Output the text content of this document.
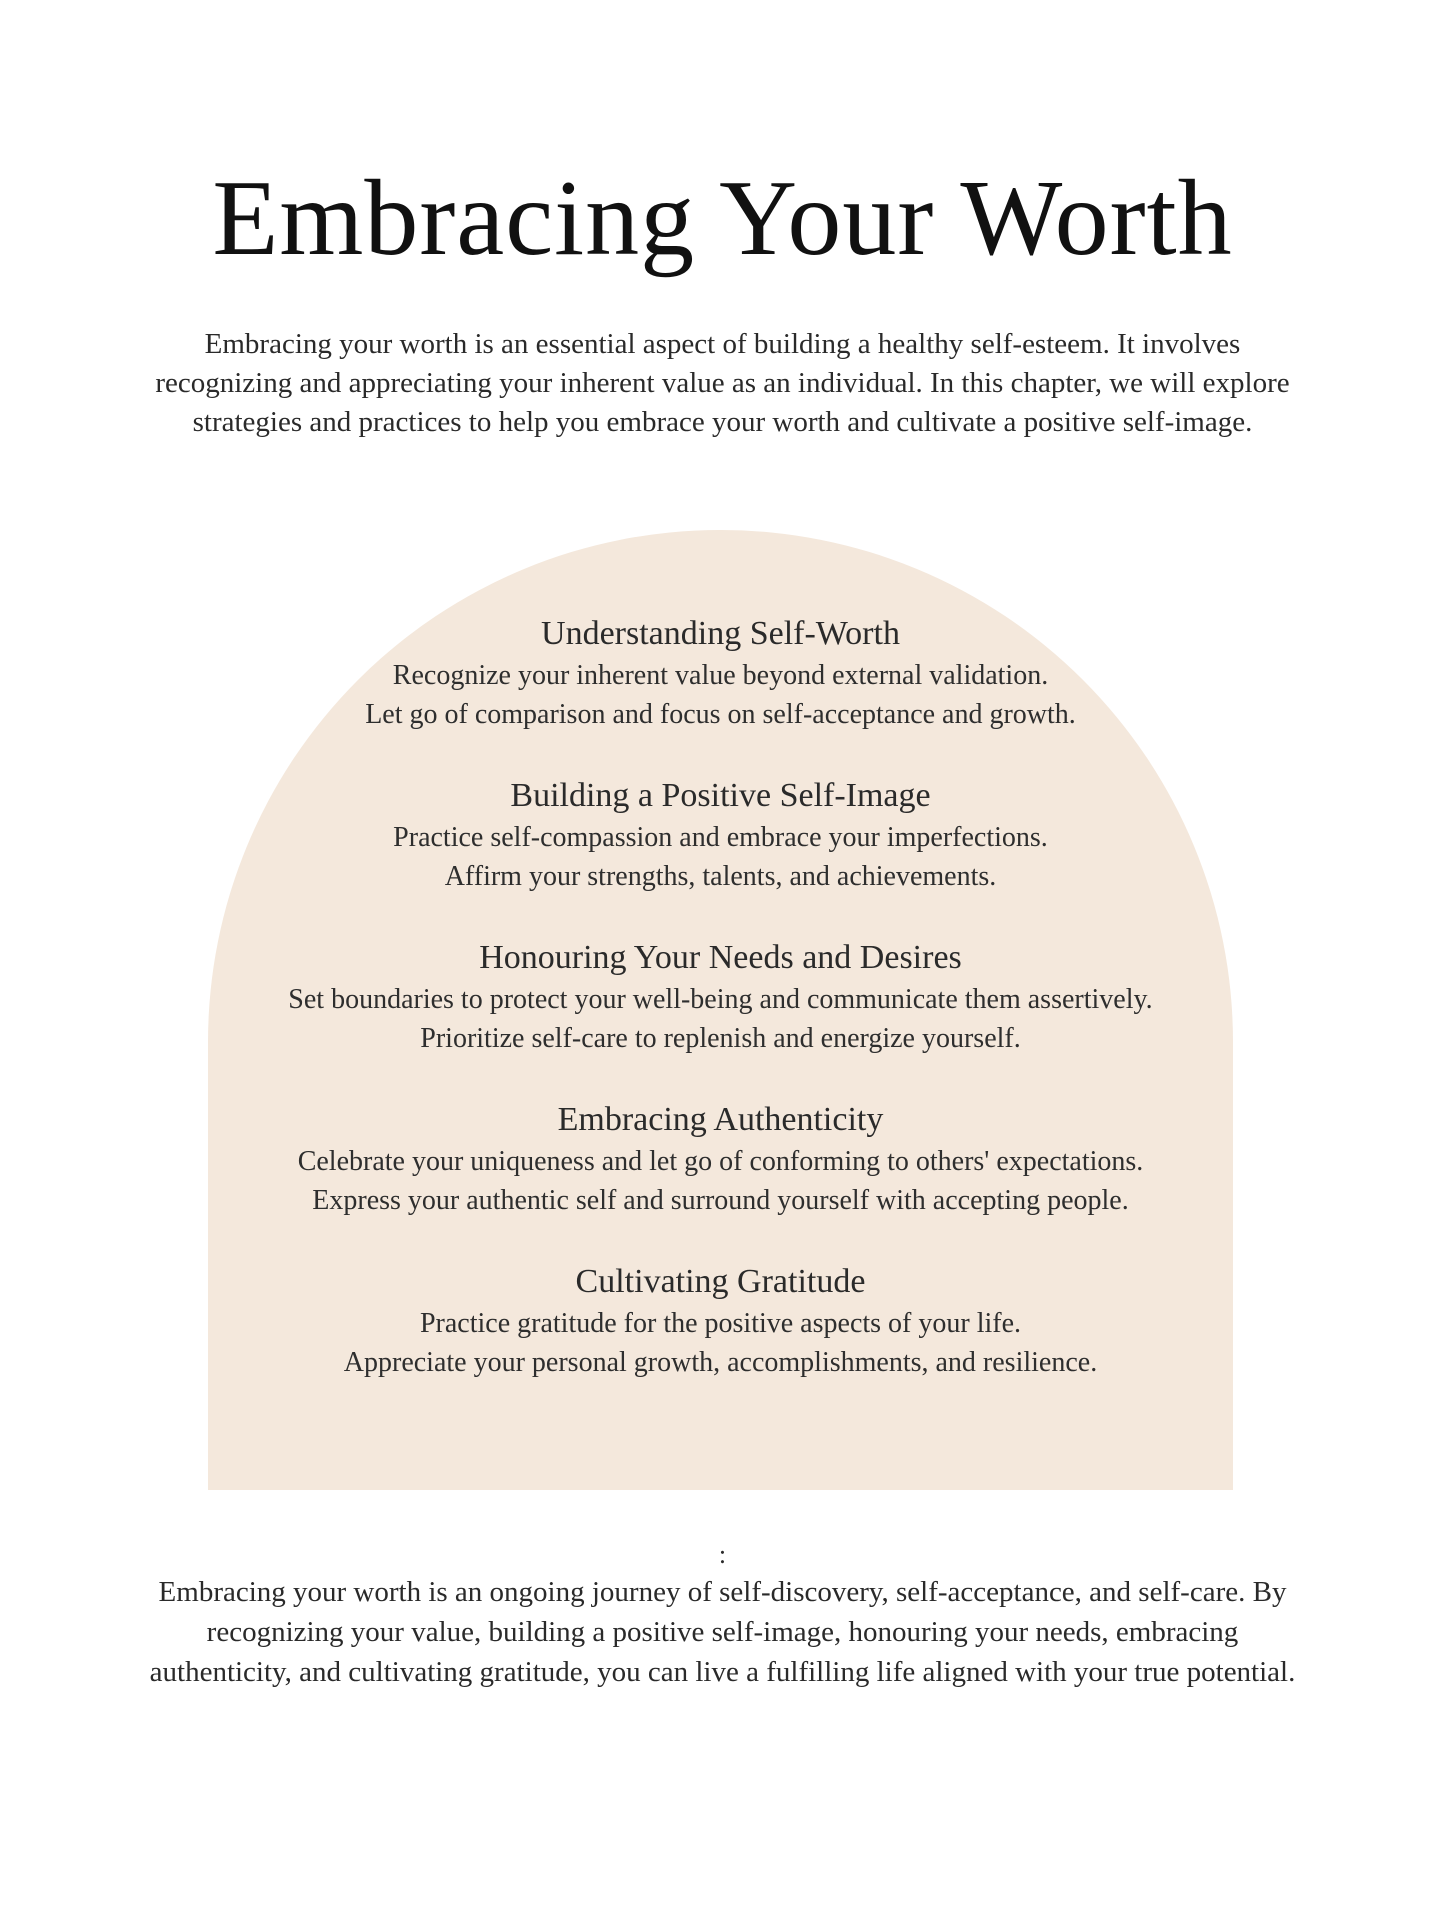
Embracing Your Worth

Embracing your worth is an essential aspect of building a healthy self-esteem. It involves recognizing and appreciating your inherent value as an individual. In this chapter, we will explore strategies and practices to help you embrace your worth and cultivate a positive self-image.

Understanding Self-Worth

Recognize your inherent value beyond external validation.

Let go of comparison and focus on self-acceptance and growth.

Building a Positive Self-Image

Practice self-compassion and embrace your imperfections.

Affirm your strengths, talents, and achievements.

Honouring Your Needs and Desires

Set boundaries to protect your well-being and communicate them assertively.

Prioritize self-care to replenish and energize yourself.

Embracing Authenticity

Celebrate your uniqueness and let go of conforming to others' expectations.

Express your authentic self and surround yourself with accepting people.

Cultivating Gratitude

Practice gratitude for the positive aspects of your life.

Appreciate your personal growth, accomplishments, and resilience.

:

Embracing your worth is an ongoing journey of self-discovery, self-acceptance, and self-care. By recognizing your value, building a positive self-image, honouring your needs, embracing authenticity, and cultivating gratitude, you can live a fulfilling life aligned with your true potential.
